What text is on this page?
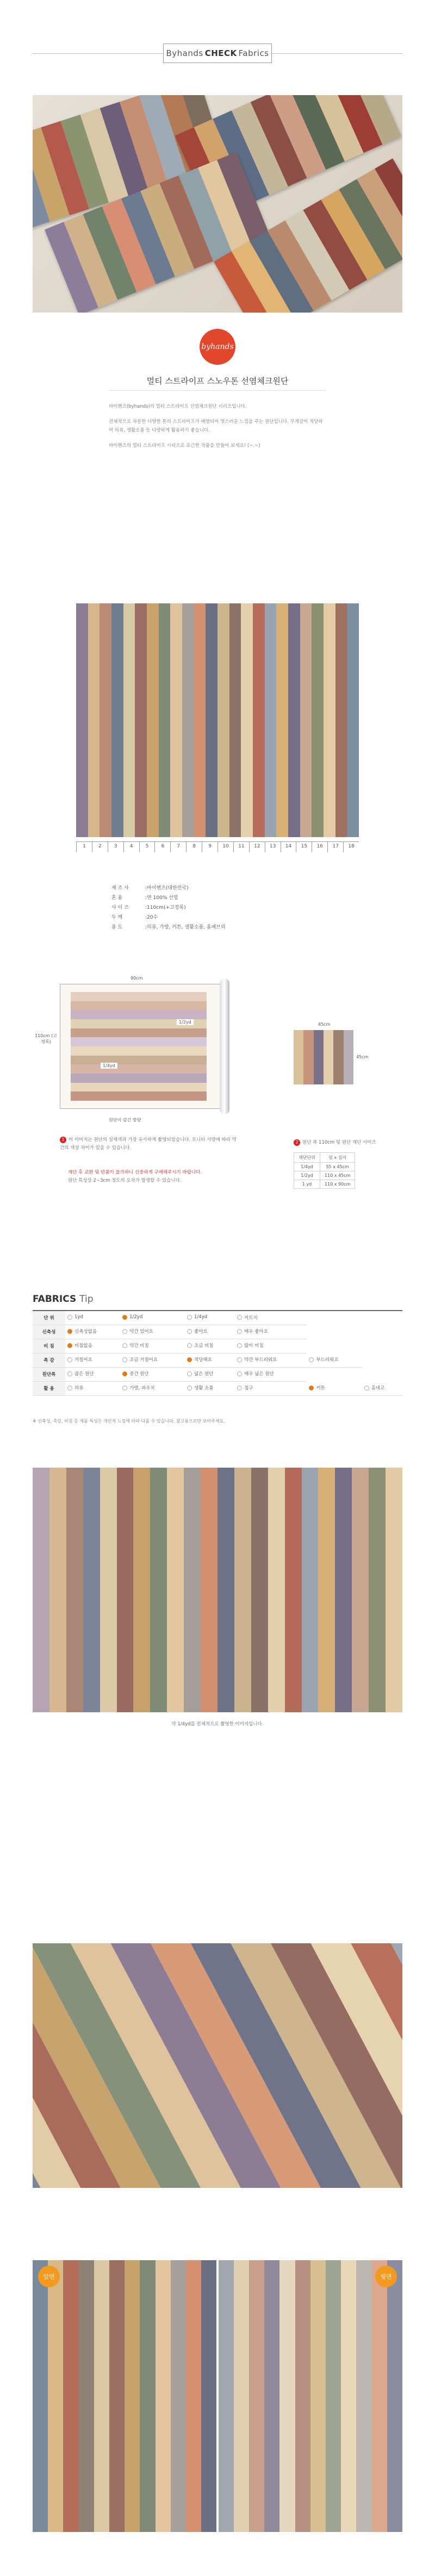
Byhands CHECK Fabrics
byhands
멀티 스트라이프 스노우톤 선염체크원단

바이핸즈(byhands)의 멀티 스트라이프 선염체크원단 시리즈입니다.

전체적으로 차분한 다양한 톤의 스트라이프가 배열되어 멋스러운 느낌을 주는 원단입니다. 무게감이 적당하여 의류, 생활소품 등 다양하게 활용하기 좋습니다.

바이핸즈의 멀티 스트라이프 시리즈로 포근한 작품을 만들어 보세요! (~.~)

1	2	3	4	5	6	7	8	9	10	11	12	13	14	15	16	17	18
제 조 사	: 바이핸즈(대한민국)
혼 용	: 면 100% 선염
사 이 즈	: 110cm(+고정폭)
두 께	: 20수
용 도	: 의류, 가방, 커튼, 생활소품, 홈패브릭
90cm
110cm (고정폭)
1/2yd
1/4yd
원단이 감긴 방향
45cm
45cm
1 이 이미지는 원단의 실제색과 가장 유사하게 촬영되었습니다. 모니터 사양에 따라 약간의 색상 차이가 있을 수 있습니다.
재단 후 교환 및 반품이 불가하니 신중하게 구매해주시기 바랍니다.
원단 특성상 2~3cm 정도의 오차가 발생할 수 있습니다.
2 원단 폭 110cm 및 원단 재단 사이즈
재단단위	원 x 길이
1/4yd	55 x 45cm
1/2yd	110 x 45cm
1 yd	110 x 90cm
FABRICS Tip
단 위	1yd	1/2yd	1/4yd	커트지		

신축성	신축성없음	약간 있어요	좋아요	매우 좋아요		

비 침	비침없음	약간 비침	조금 비침	많이 비침		

촉 감	거칠어요	조금 거칠어요	적당해요	약간 부드러워요	부드러워요	

원단폭	좁은 원단	중간 원단	넓은 원단	매우 넓은 원단		

활 용	의류	가방, 파우치	생활 소품	침구	커튼	홈데코
※ 신축성, 촉감, 비침 등 제품 특성은 개인적 느낌에 따라 다를 수 있습니다. 참고용으로만 보아주세요.
약 1/4yd를 전체적으로 촬영한 이미지입니다.
앞면	뒷면
